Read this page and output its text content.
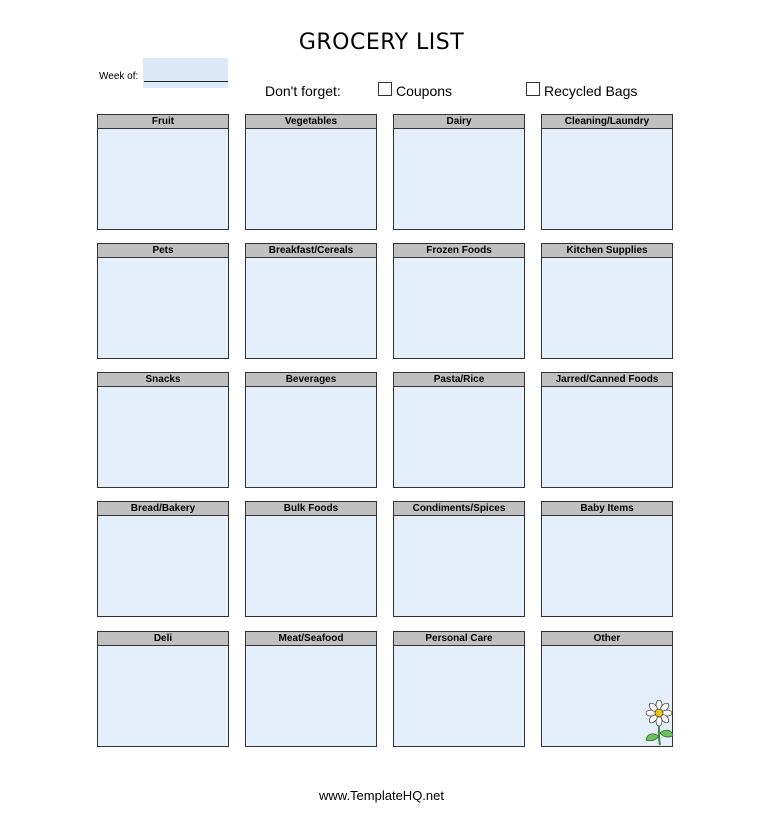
GROCERY LIST
Week of:
Don't forget:	Coupons	Recycled Bags
Fruit	Vegetables	Dairy	Cleaning/Laundry
Pets	Breakfast/Cereals	Frozen Foods	Kitchen Supplies
Snacks	Beverages	Pasta/Rice	Jarred/Canned Foods
Bread/Bakery	Bulk Foods	Condiments/Spices	Baby Items
Deli	Meat/Seafood	Personal Care	Other
www.TemplateHQ.net
